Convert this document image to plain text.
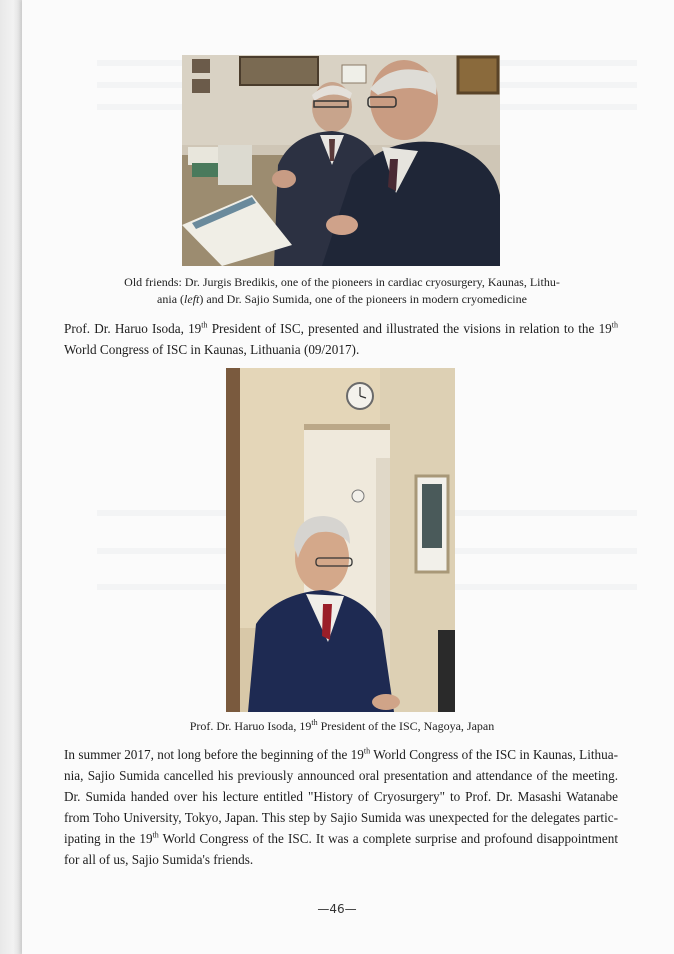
Old friends: Dr. Jurgis Bredikis, one of the pioneers in cardiac cryosurgery, Kaunas, Lithu-
ania (left) and Dr. Sajio Sumida, one of the pioneers in modern cryomedicine
Prof. Dr. Haruo Isoda, 19th President of ISC, presented and illustrated the visions in relation to the 19th World Congress of ISC in Kaunas, Lithuania (09/2017).
Prof. Dr. Haruo Isoda, 19th President of the ISC, Nagoya, Japan
In summer 2017, not long before the beginning of the 19th World Congress of the ISC in Kaunas, Lithua-nia, Sajio Sumida cancelled his previously announced oral presentation and attendance of the meeting. Dr. Sumida handed over his lecture entitled "History of Cryosurgery" to Prof. Dr. Masashi Watanabe from Toho University, Tokyo, Japan. This step by Sajio Sumida was unexpected for the delegates partic-ipating in the 19th World Congress of the ISC. It was a complete surprise and profound disappointment for all of us, Sajio Sumida's friends.
—46—
